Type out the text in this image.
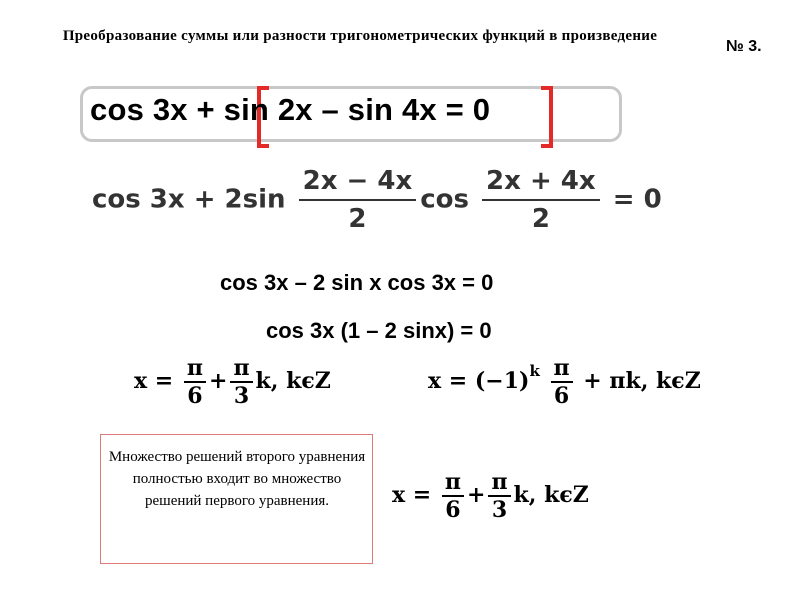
Преобразование суммы или разности тригонометрических функций в произведение
№ 3.
cos 3x + sin 2x – sin 4x = 0
$\cos 3x + 2\sin \frac{2x - 4x}{2}$ $\cos \frac{2x + 4x}{2} = 0$
cos 3x – 2 sin x cos 3x = 0
cos 3x (1 – 2 sinx) = 0
$x = \frac{\pi}{6} + \frac{\pi}{3} k$, kϵZ	$x = (-1)^k \frac{\pi}{6} + \pi k$, kϵZ
Множество решений второго уравнения полностью входит во множество решений первого уравнения.	$x = \frac{\pi}{6} + \frac{\pi}{3} k$, kϵZ
